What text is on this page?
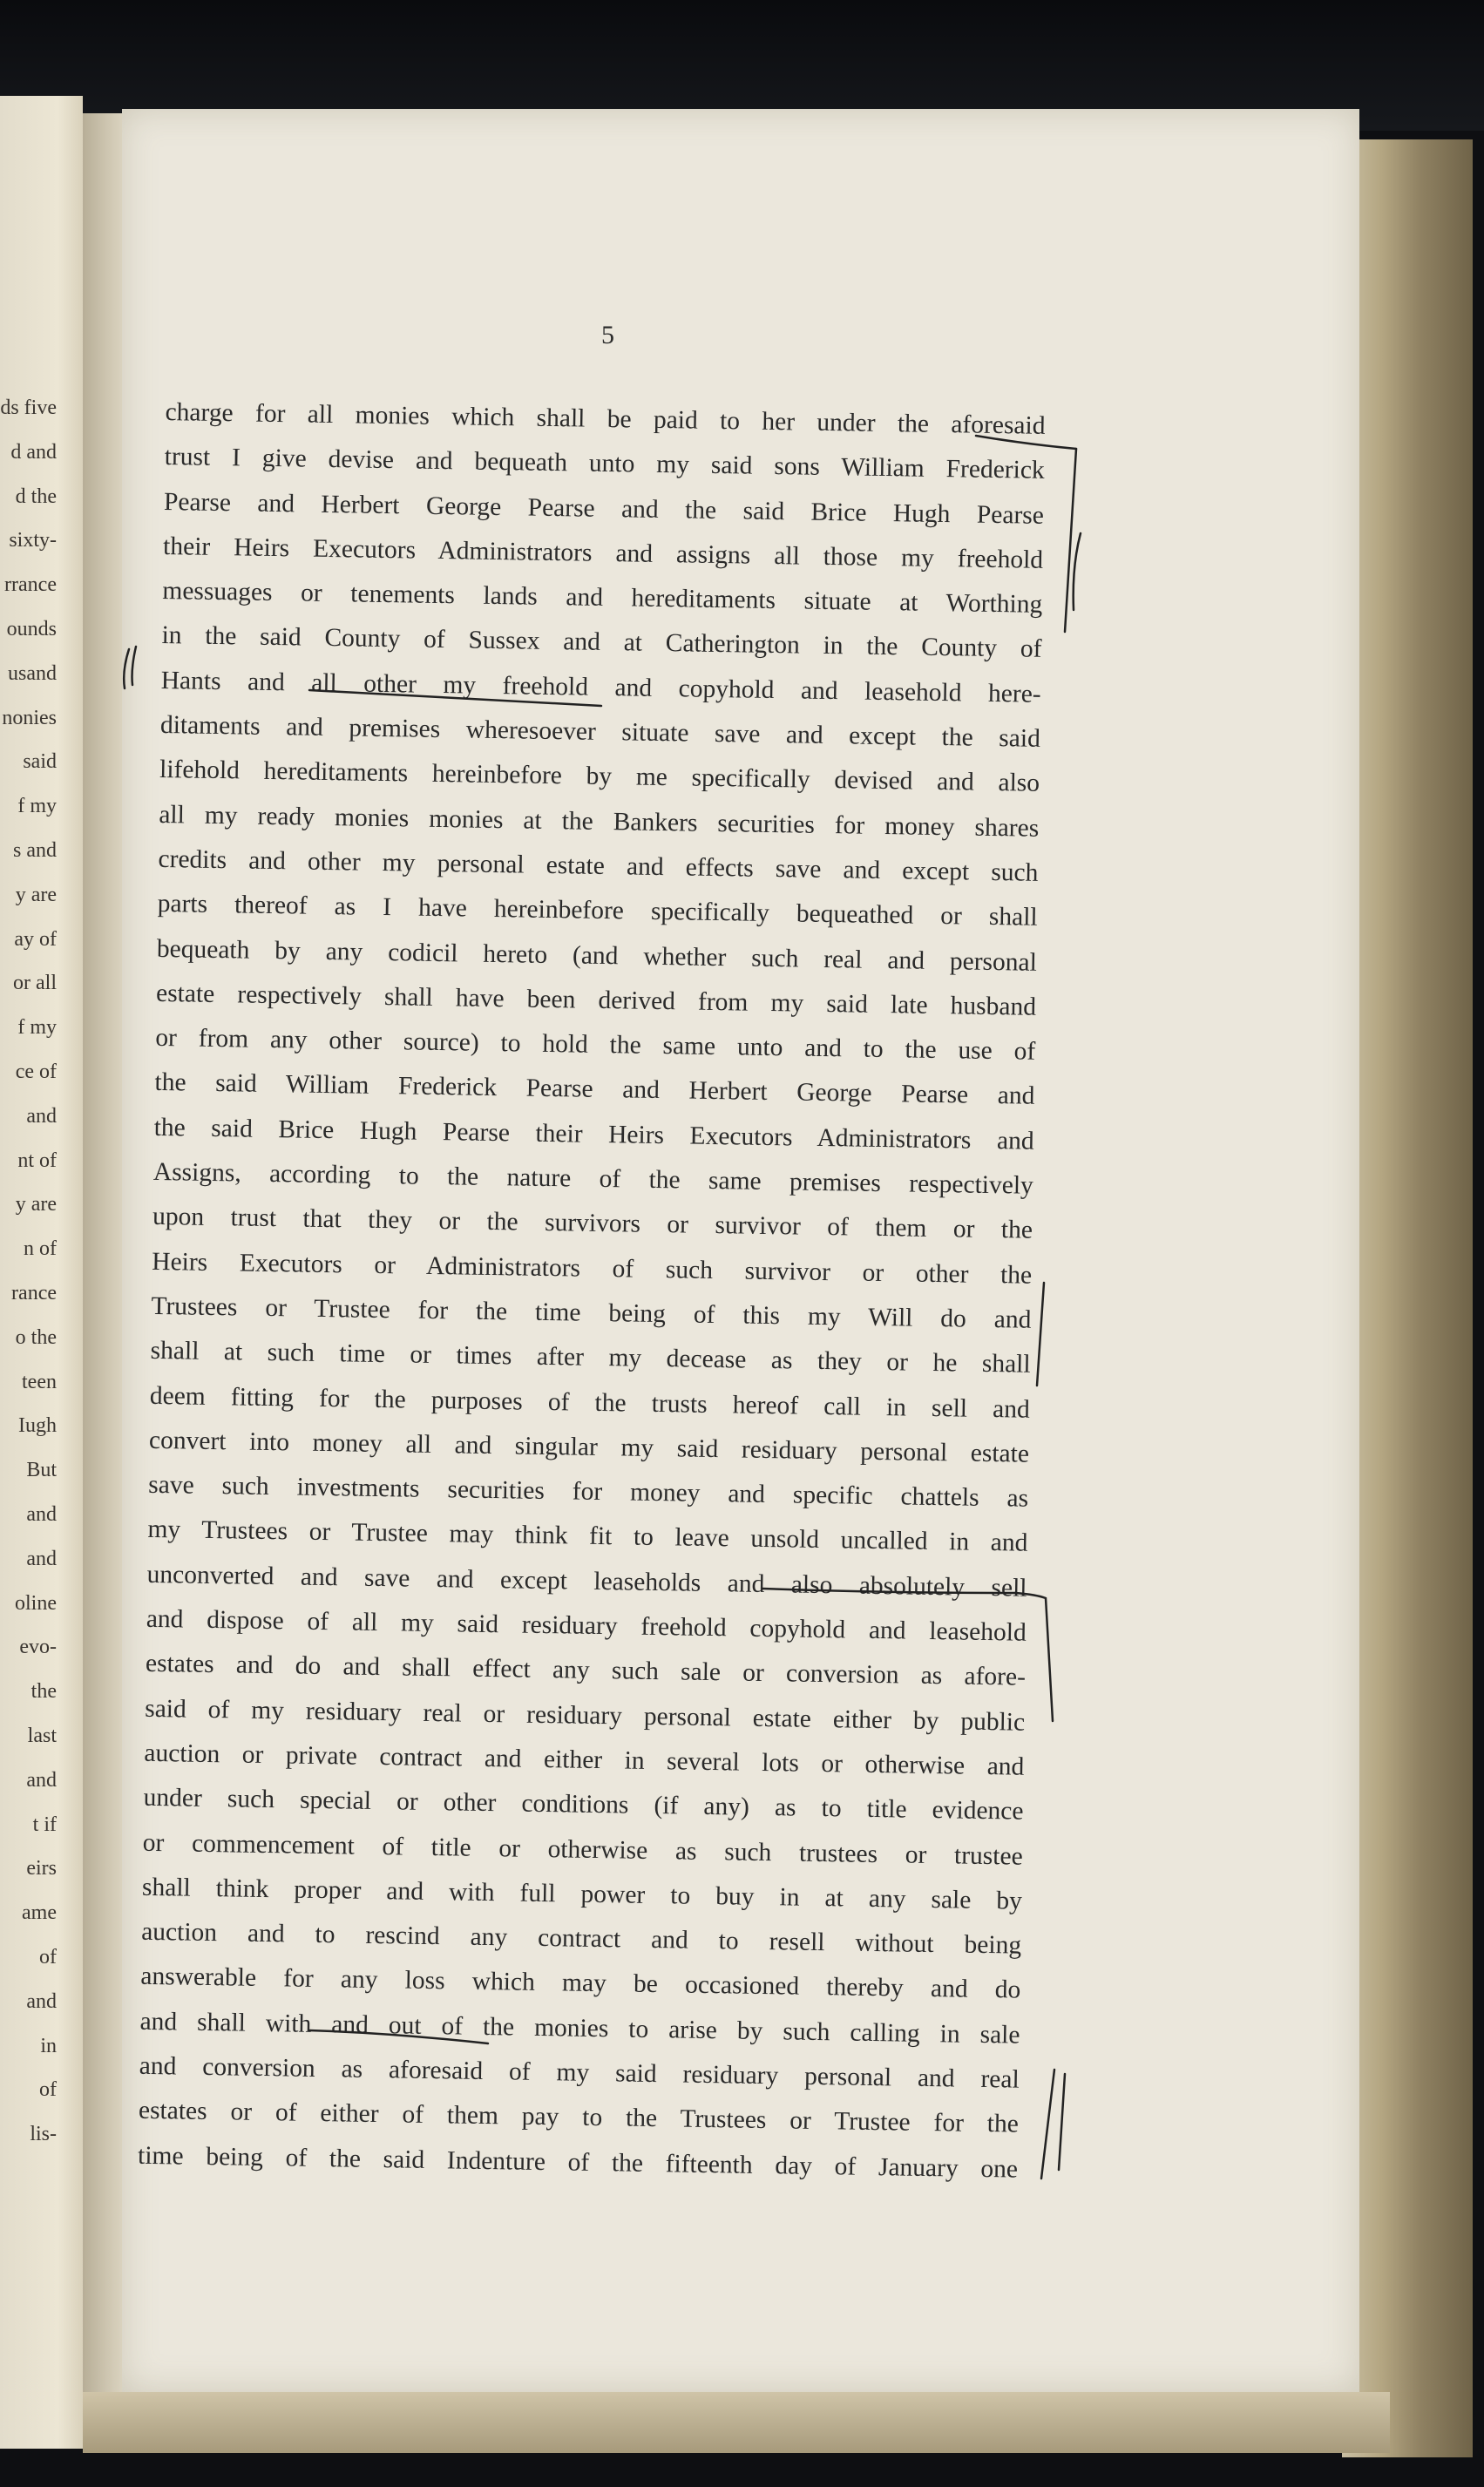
ds five
d and
d the
sixty-
rrance
ounds
usand
nonies
said
f my
s and
y are
ay of
or all
f my
ce of
and
nt of
y are
n of
rance
o the
teen
Iugh
But
and
and
oline
evo-
the
last
and
t if
eirs
ame
of
and
in
of
lis-
5
charge for all monies which shall be paid to her under the aforesaid
trust I give devise and bequeath unto my said sons William Frederick
Pearse and Herbert George Pearse and the said Brice Hugh Pearse
their Heirs Executors Administrators and assigns all those my freehold
messuages or tenements lands and hereditaments situate at Worthing
in the said County of Sussex and at Catherington in the County of
Hants and all other my freehold and copyhold and leasehold here-
ditaments and premises wheresoever situate save and except the said
lifehold hereditaments hereinbefore by me specifically devised and also
all my ready monies monies at the Bankers securities for money shares
credits and other my personal estate and effects save and except such
parts thereof as I have hereinbefore specifically bequeathed or shall
bequeath by any codicil hereto (and whether such real and personal
estate respectively shall have been derived from my said late husband
or from any other source) to hold the same unto and to the use of
the said William Frederick Pearse and Herbert George Pearse and
the said Brice Hugh Pearse their Heirs Executors Administrators and
Assigns, according to the nature of the same premises respectively
upon trust that they or the survivors or survivor of them or the
Heirs Executors or Administrators of such survivor or other the
Trustees or Trustee for the time being of this my Will do and
shall at such time or times after my decease as they or he shall
deem fitting for the purposes of the trusts hereof call in sell and
convert into money all and singular my said residuary personal estate
save such investments securities for money and specific chattels as
my Trustees or Trustee may think fit to leave unsold uncalled in and
unconverted and save and except leaseholds and also absolutely sell
and dispose of all my said residuary freehold copyhold and leasehold
estates and do and shall effect any such sale or conversion as afore-
said of my residuary real or residuary personal estate either by public
auction or private contract and either in several lots or otherwise and
under such special or other conditions (if any) as to title evidence
or commencement of title or otherwise as such trustees or trustee
shall think proper and with full power to buy in at any sale by
auction and to rescind any contract and to resell without being
answerable for any loss which may be occasioned thereby and do
and shall with and out of the monies to arise by such calling in sale
and conversion as aforesaid of my said residuary personal and real
estates or of either of them pay to the Trustees or Trustee for the
time being of the said Indenture of the fifteenth day of January one
